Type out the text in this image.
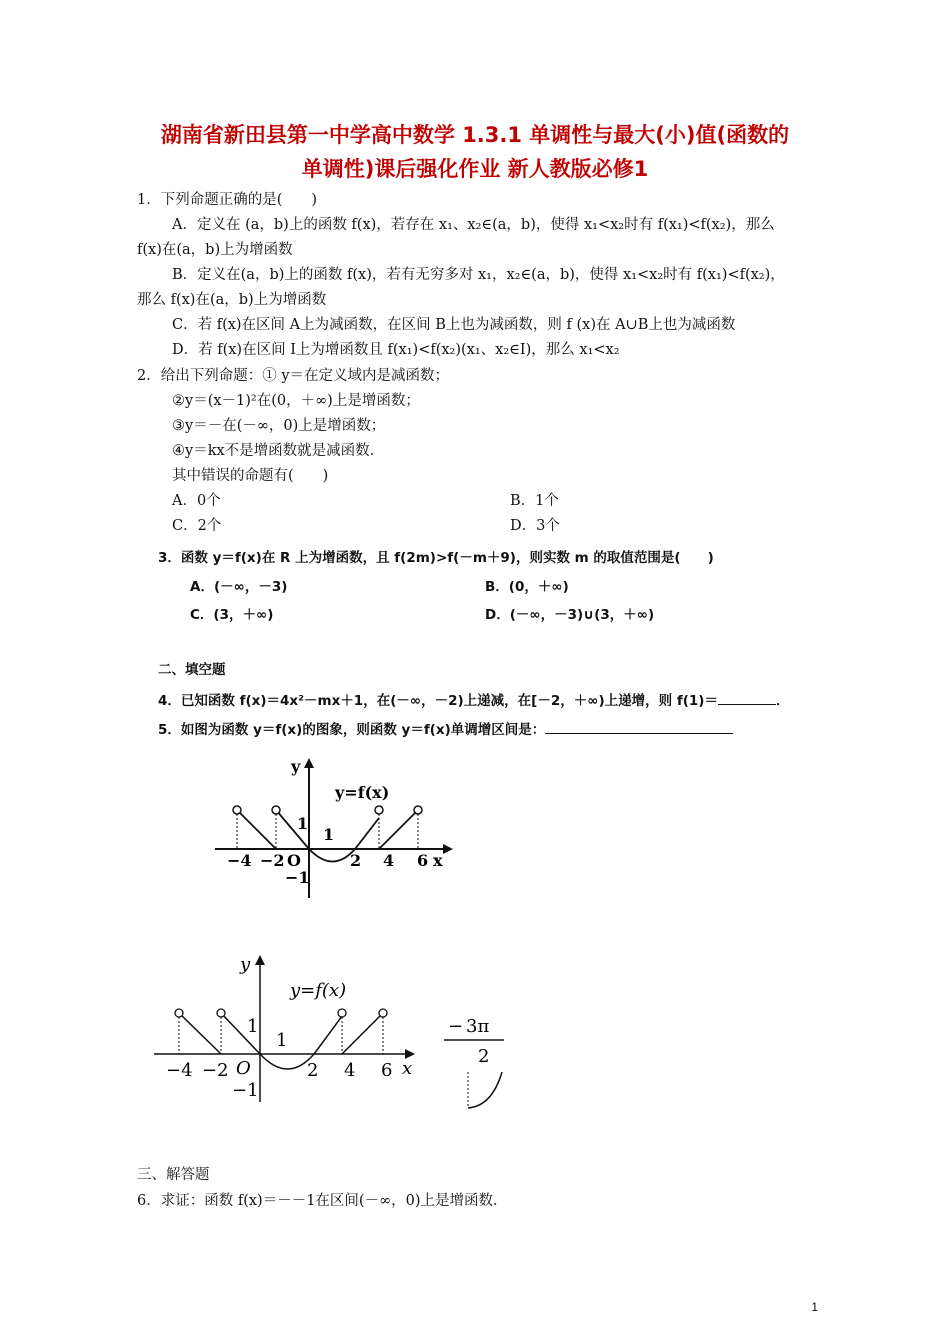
湖南省新田县第一中学高中数学 1.3.1 单调性与最大(小)值(函数的
单调性)课后强化作业 新人教版必修1
1．下列命题正确的是(　　)
A．定义在 (a，b)上的函数 f(x)，若存在 x₁、x₂∈(a，b)，使得 x₁<x₂时有 f(x₁)<f(x₂)，那么
f(x)在(a，b)上为增函数
B．定义在(a，b)上的函数 f(x)，若有无穷多对 x₁，x₂∈(a，b)，使得 x₁<x₂时有 f(x₁)<f(x₂)，
那么 f(x)在(a，b)上为增函数
C．若 f(x)在区间 A上为减函数，在区间 B上也为减函数，则 f (x)在 A∪B上也为减函数
D．若 f(x)在区间 I上为增函数且 f(x₁)<f(x₂)(x₁、x₂∈I)，那么 x₁<x₂
2．给出下列命题：① y＝在定义域内是减函数；
②y＝(x－1)²在(0，＋∞)上是增函数；
③y＝－在(－∞，0)上是增函数；
④y＝kx不是增函数就是减函数．
其中错误的命题有(　　)
A．0个	B．1个
C．2个	D．3个
3．函数 y＝f(x)在 R 上为增函数，且 f(2m)>f(－m＋9)，则实数 m 的取值范围是(　　)
A．(－∞，－3)	B．(0，＋∞)
C．(3，＋∞)	D．(－∞，－3)∪(3，＋∞)
二、填空题
4．已知函数 f(x)＝4x²－mx＋1，在(－∞，－2)上递减，在[－2，＋∞)上递增，则 f(1)＝	．
5．如图为函数 y＝f(x)的图象，则函数 y＝f(x)单调增区间是：
y
x
y=f(x)
O
−4 −2	2 4 6
1
−1
1
y
x
y=f(x)
O
−4 −2	2 4 6
1
−1
1
− 3π
2
三、解答题
6．求证：函数 f(x)＝－－1在区间(－∞，0)上是增函数．
1
